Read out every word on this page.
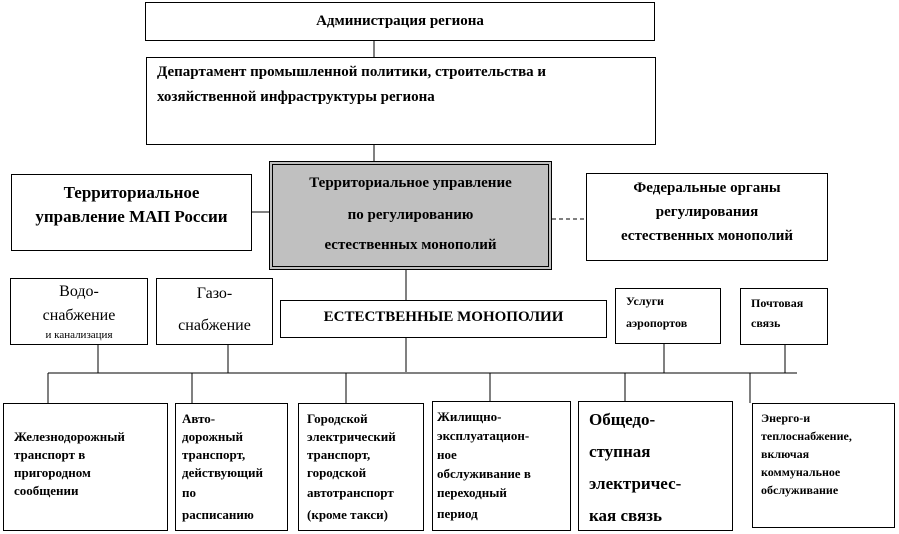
Администрация региона
Департамент промышленной политики, строительства и
хозяйственной инфраструктуры региона
Территориальное
управление МАП России
Территориальное управление
по регулированию
естественных монополий
Федеральные органы
регулирования
естественных монополий
Водо-
снабжение
и канализация
Газо-
снабжение	ЕСТЕСТВЕННЫЕ МОНОПОЛИИ
Услуги
аэропортов
Почтовая
связь
Железнодорожный
транспорт в
пригородном
сообщении
Авто-
дорожный
транспорт,
действующий
по
расписанию
Городской
электрический
транспорт,
городской
автотранспорт
(кроме такси)
Жилищно-
эксплуатацион-
ное
обслуживание в
переходный
период
Общедо-
ступная
электричес-
кая связь
Энерго-и
теплоснабжение,
включая
коммунальное
обслуживание
